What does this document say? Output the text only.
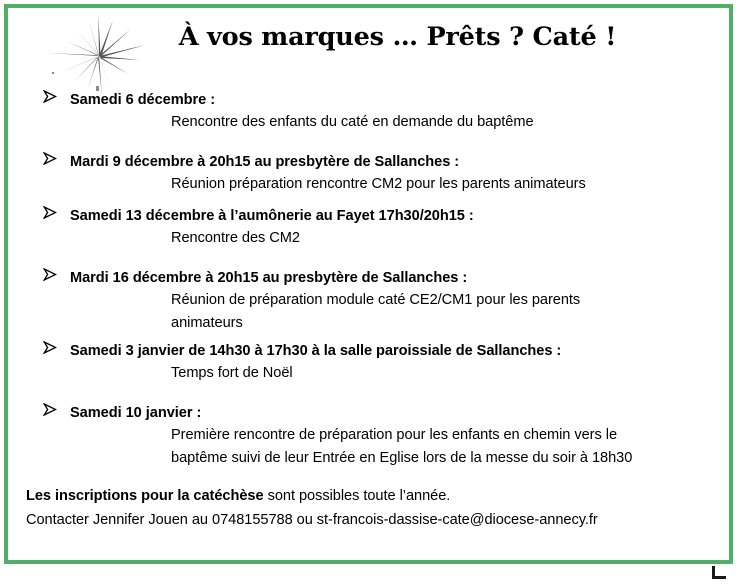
À vos marques … Prêts ? Caté !
Samedi 6 décembre :
Rencontre des enfants du caté en demande du baptême
Mardi 9 décembre à 20h15 au presbytère de Sallanches :
Réunion préparation rencontre CM2 pour les parents animateurs
Samedi 13 décembre à l’aumônerie au Fayet 17h30/20h15 :
Rencontre des CM2
Mardi 16 décembre à 20h15 au presbytère de Sallanches :
Réunion de préparation module caté CE2/CM1 pour les parents
animateurs
Samedi 3 janvier de 14h30 à 17h30 à la salle paroissiale de Sallanches :
Temps fort de Noël
Samedi 10 janvier :
Première rencontre de préparation pour les enfants en chemin vers le
baptême suivi de leur Entrée en Eglise lors de la messe du soir à 18h30
Les inscriptions pour la catéchèse sont possibles toute l’année.
Contacter Jennifer Jouen au 0748155788 ou st-francois-dassise-cate@diocese-annecy.fr
